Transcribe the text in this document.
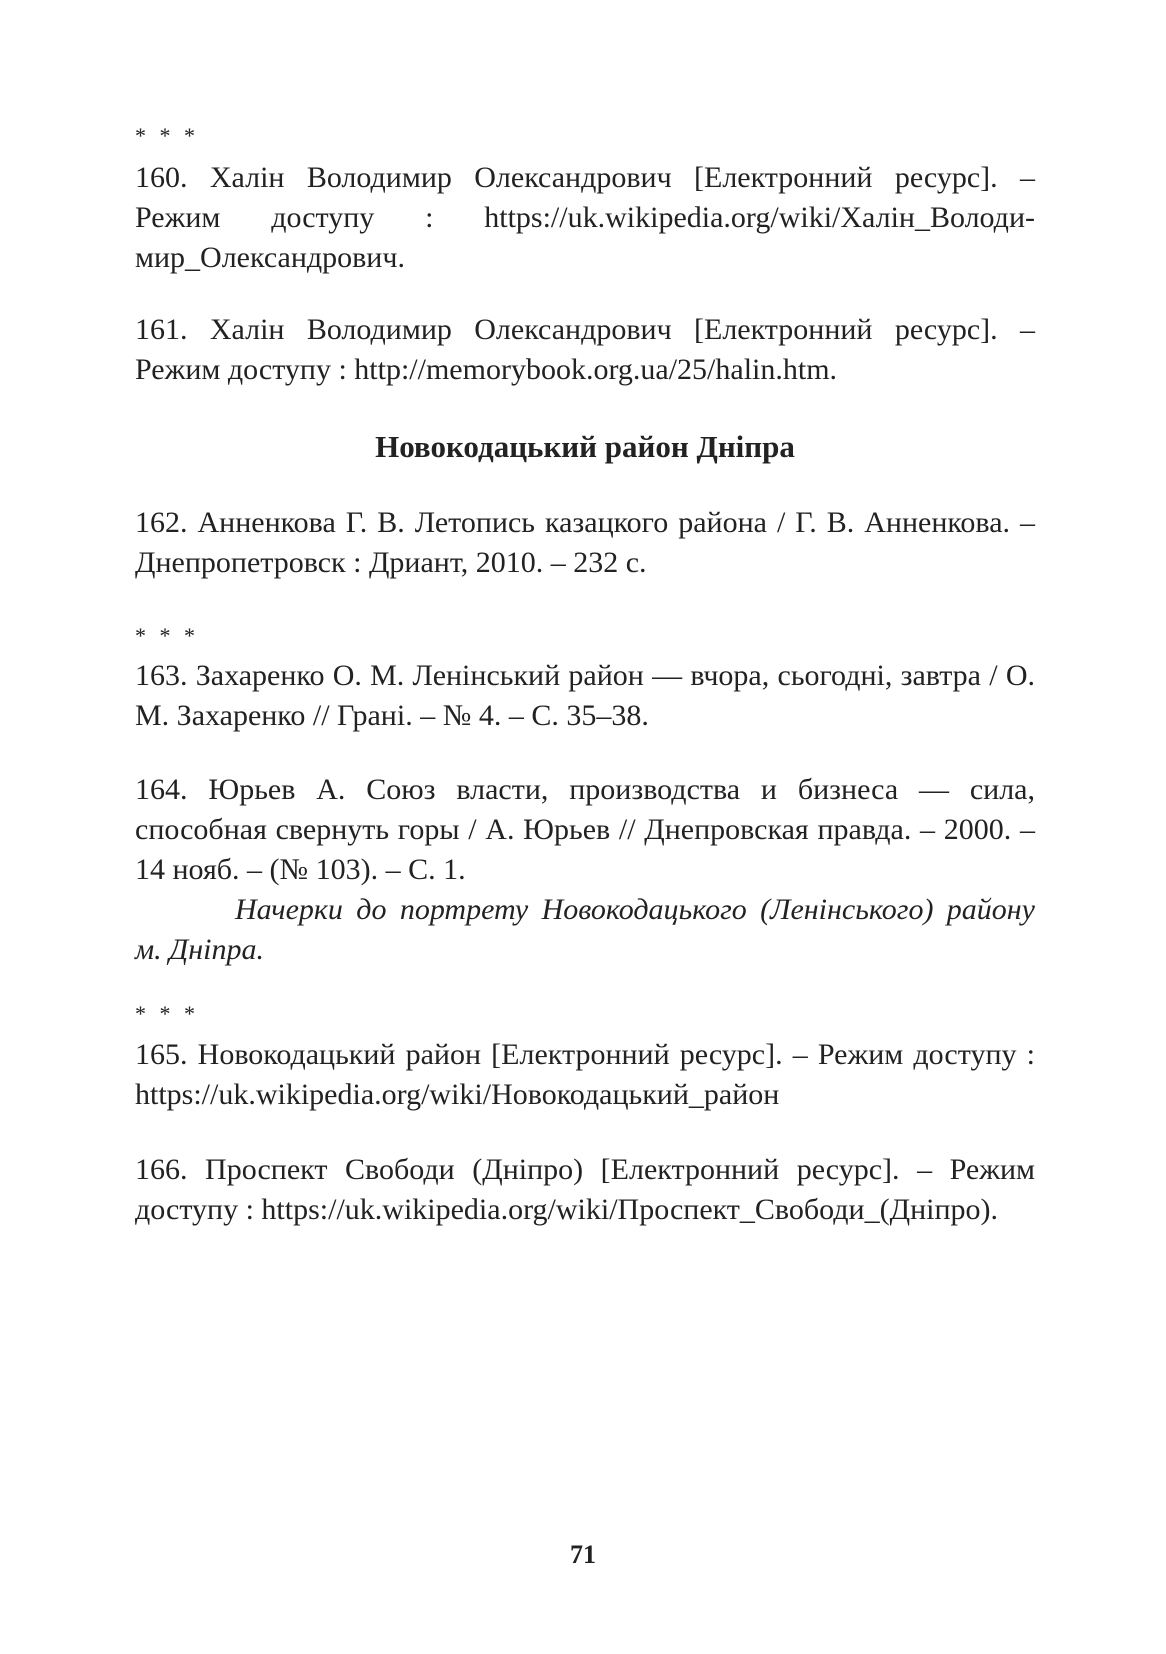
* * *
160. Халін Володимир Олександрович [Електронний ресурс]. – Режим доступу : https://uk.wikipedia.org/wiki/Халін_Володи-мир_Олександрович.
161. Халін Володимир Олександрович [Електронний ресурс]. – Режим доступу : http://memorybook.org.ua/25/halin.htm.
Новокодацький район Дніпра
162. Анненкова Г. В. Летопись казацкого района / Г. В. Анненкова. – Днепропетровск : Дриант, 2010. – 232 с.
* * *
163. Захаренко О. М. Ленінський район — вчора, сьогодні, завтра / О. М. Захаренко // Грані. – № 4. – С. 35–38.
164. Юрьев А. Союз власти, производства и бизнеса — сила, способная свернуть горы / А. Юрьев // Днепровская правда. – 2000. – 14 нояб. – (№ 103). – С. 1.
Начерки до портрету Новокодацького (Ленінського) району м. Дніпра.
* * *
165. Новокодацький район [Електронний ресурс]. – Режим доступу : https://uk.wikipedia.org/wiki/Новокодацький_район
166. Проспект Свободи (Дніпро) [Електронний ресурс]. – Режим доступу : https://uk.wikipedia.org/wiki/Проспект_Свободи_(Дніпро).
71
